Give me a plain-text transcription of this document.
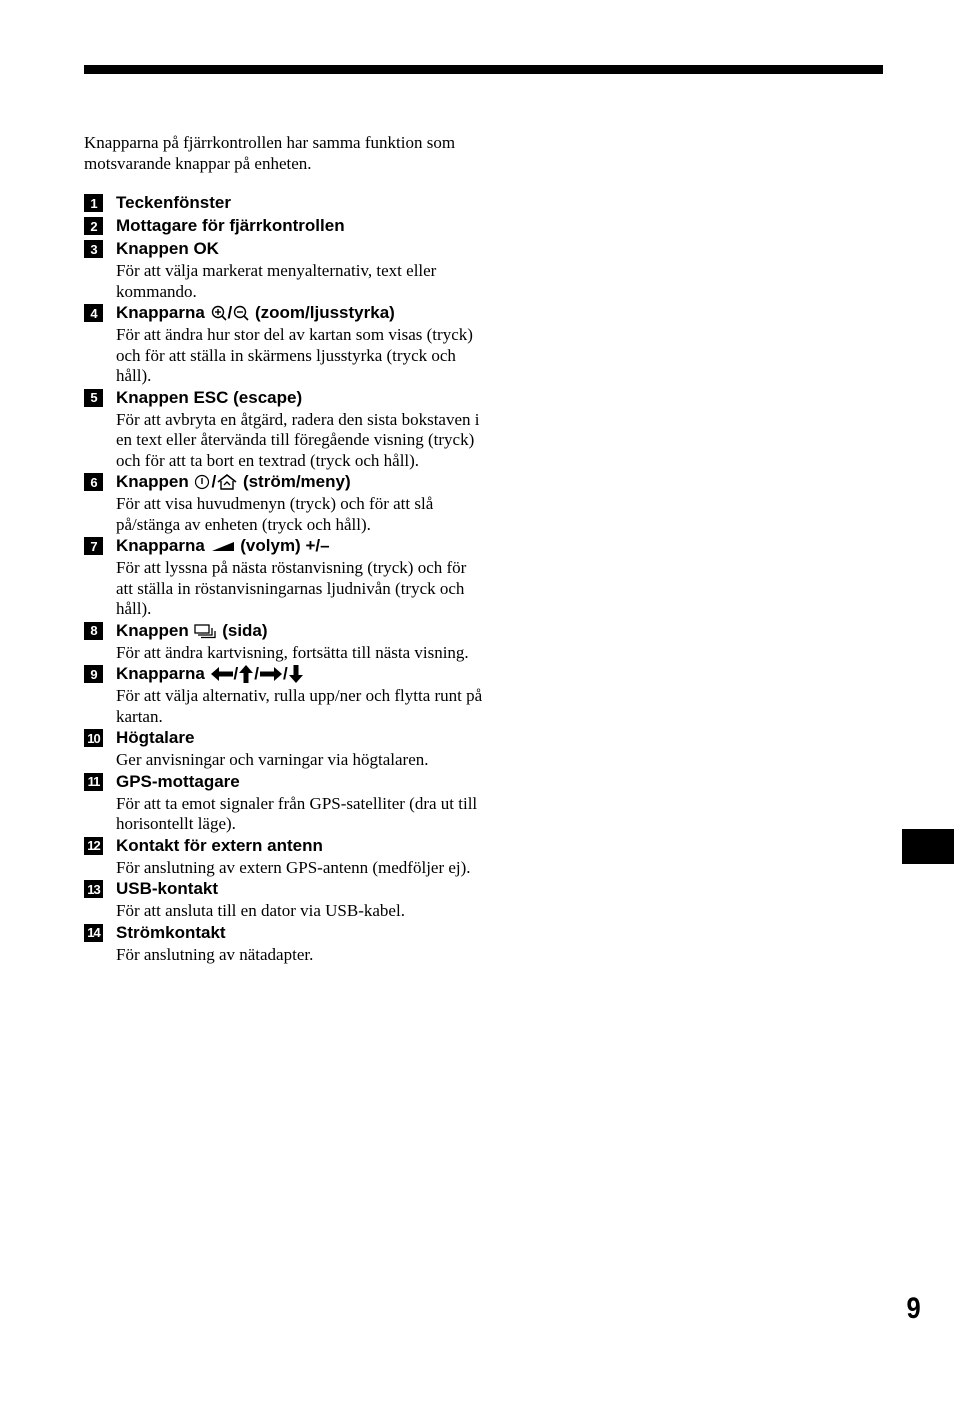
Knapparna på fjärrkontrollen har samma funktion som motsvarande knappar på enheten.

1	Teckenfönster
2	Mottagare för fjärrkontrollen
3	Knappen OK

För att välja markerat menyalternativ, text eller kommando.

4	Knapparna
/
(zoom/ljusstyrka)

För att ändra hur stor del av kartan som visas (tryck) och för att ställa in skärmens ljusstyrka (tryck och håll).

5	Knappen ESC (escape)

För att avbryta en åtgärd, radera den sista bokstaven i en text eller återvända till föregående visning (tryck) och för att ta bort en textrad (tryck och håll).

6	Knappen
/
(ström/meny)

För att visa huvudmenyn (tryck) och för att slå på/stänga av enheten (tryck och håll).

7	Knapparna

(volym) +/–

För att lyssna på nästa röstanvisning (tryck) och för att ställa in röstanvisningarnas ljudnivån (tryck och håll).

8	Knappen

(sida)

För att ändra kartvisning, fortsätta till nästa visning.

9	Knapparna
/ / /

För att välja alternativ, rulla upp/ner och flytta runt på kartan.

10 Högtalare

Ger anvisningar och varningar via högtalaren.

11 GPS-mottagare

För att ta emot signaler från GPS-satelliter (dra ut till horisontellt läge).

12 Kontakt för extern antenn

För anslutning av extern GPS-antenn (medföljer ej).

13 USB-kontakt

För att ansluta till en dator via USB-kabel.

14 Strömkontakt

För anslutning av nätadapter.

9
